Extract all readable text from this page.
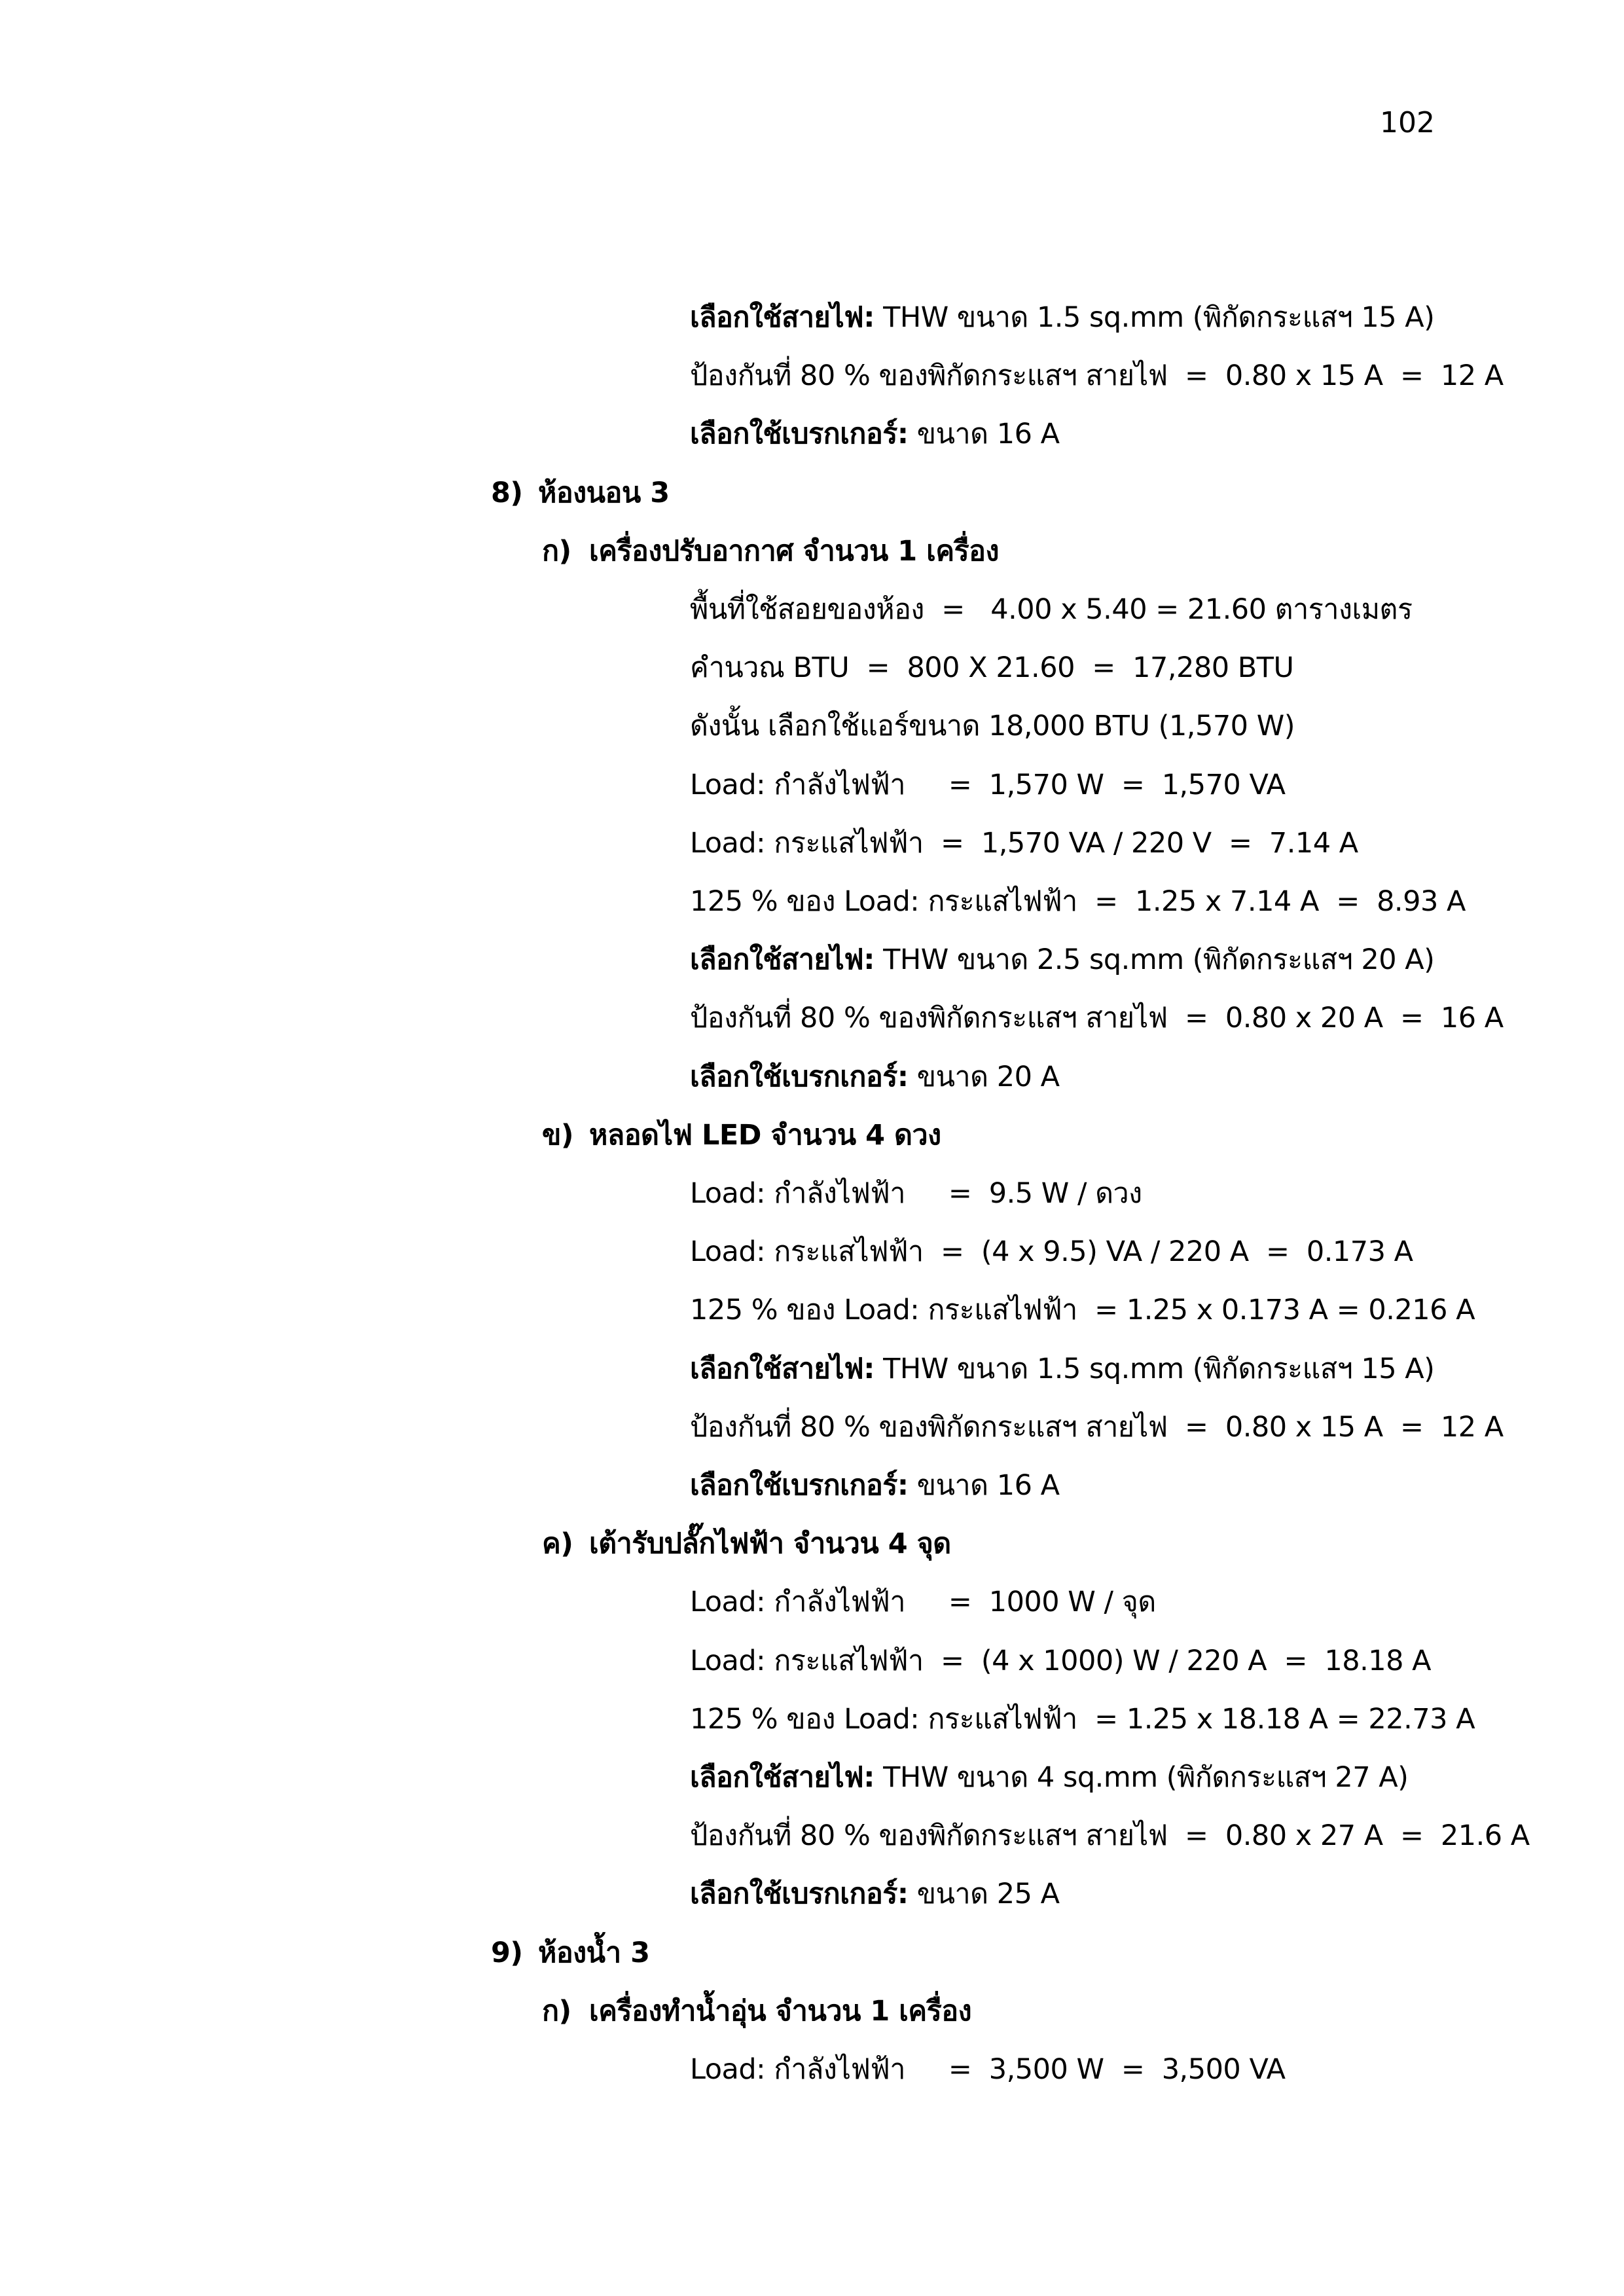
102
เลือกใช้สายไฟ: THW ขนาด 1.5 sq.mm (พิกัดกระแสฯ 15 A)
ป้องกันที่ 80 % ของพิกัดกระแสฯ สายไฟ  =  0.80 x 15 A  =  12 A
เลือกใช้เบรกเกอร์: ขนาด 16 A
8) ห้องนอน 3
ก) เครื่องปรับอากาศ จำนวน 1 เครื่อง
พื้นที่ใช้สอยของห้อง  =   4.00 x 5.40 = 21.60 ตารางเมตร
คำนวณ BTU  =  800 X 21.60  =  17,280 BTU
ดังนั้น เลือกใช้แอร์ขนาด 18,000 BTU (1,570 W)
Load: กำลังไฟฟ้า     =  1,570 W  =  1,570 VA
Load: กระแสไฟฟ้า  =  1,570 VA / 220 V  =  7.14 A
125 % ของ Load: กระแสไฟฟ้า  =  1.25 x 7.14 A  =  8.93 A
เลือกใช้สายไฟ: THW ขนาด 2.5 sq.mm (พิกัดกระแสฯ 20 A)
ป้องกันที่ 80 % ของพิกัดกระแสฯ สายไฟ  =  0.80 x 20 A  =  16 A
เลือกใช้เบรกเกอร์: ขนาด 20 A
ข) หลอดไฟ LED จำนวน 4 ดวง
Load: กำลังไฟฟ้า     =  9.5 W / ดวง
Load: กระแสไฟฟ้า  =  (4 x 9.5) VA / 220 A  =  0.173 A
125 % ของ Load: กระแสไฟฟ้า  = 1.25 x 0.173 A = 0.216 A
เลือกใช้สายไฟ: THW ขนาด 1.5 sq.mm (พิกัดกระแสฯ 15 A)
ป้องกันที่ 80 % ของพิกัดกระแสฯ สายไฟ  =  0.80 x 15 A  =  12 A
เลือกใช้เบรกเกอร์: ขนาด 16 A
ค) เต้ารับปลั๊กไฟฟ้า จำนวน 4 จุด
Load: กำลังไฟฟ้า     =  1000 W / จุด
Load: กระแสไฟฟ้า  =  (4 x 1000) W / 220 A  =  18.18 A
125 % ของ Load: กระแสไฟฟ้า  = 1.25 x 18.18 A = 22.73 A
เลือกใช้สายไฟ: THW ขนาด 4 sq.mm (พิกัดกระแสฯ 27 A)
ป้องกันที่ 80 % ของพิกัดกระแสฯ สายไฟ  =  0.80 x 27 A  =  21.6 A
เลือกใช้เบรกเกอร์: ขนาด 25 A
9) ห้องน้ำ 3
ก) เครื่องทำน้ำอุ่น จำนวน 1 เครื่อง
Load: กำลังไฟฟ้า     =  3,500 W  =  3,500 VA
